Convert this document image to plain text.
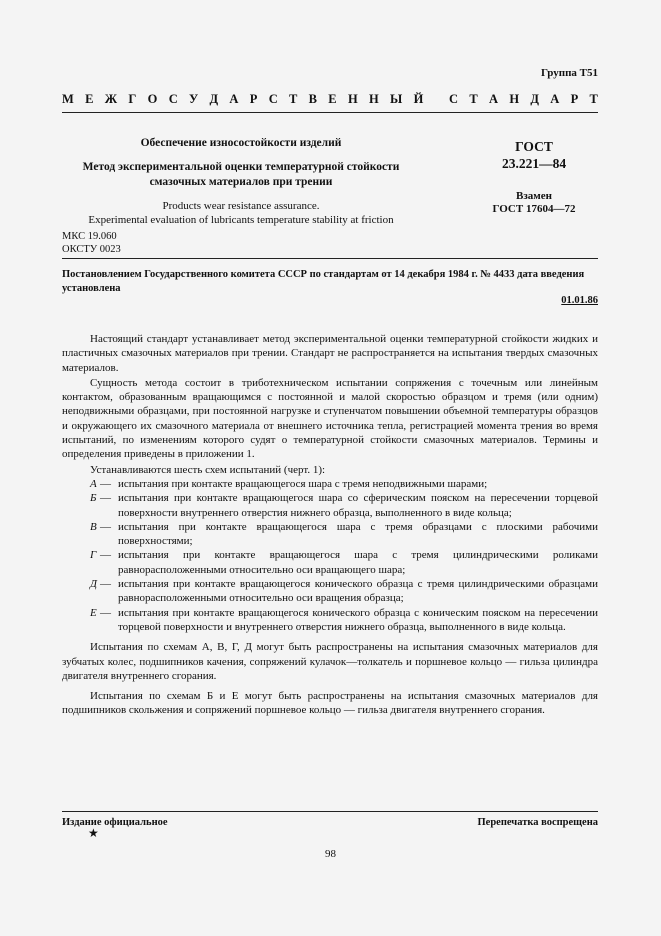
Группа Т51
М Е Ж Г О С У Д А Р С Т В Е Н Н Ы Й
С Т А Н Д А Р Т
Обеспечение износостойкости изделий
Метод экспериментальной оценки температурной стойкости
смазочных материалов при трении
Products wear resistance assurance.
Experimental evaluation of lubricants temperature stability at friction
ГОСТ
23.221—84
Взамен
ГОСТ 17604—72
МКС 19.060
ОКСТУ 0023
Постановлением Государственного комитета СССР по стандартам от 14 декабря 1984 г. № 4433 дата введения установлена
01.01.86

Настоящий стандарт устанавливает метод экспериментальной оценки температурной стойкости жидких и пластичных смазочных материалов при трении. Стандарт не распространяется на испытания твердых смазочных материалов.

Сущность метода состоит в триботехническом испытании сопряжения с точечным или линейным контактом, образованным вращающимся с постоянной и малой скоростью образцом и тремя (или одним) неподвижными образцами, при постоянной нагрузке и ступенчатом повышении объемной температуры образцов и окружающего их смазочного материала от внешнего источника тепла, регистрацией момента трения во время испытаний, по изменениям которого судят о температурной стойкости смазочных материалов. Термины и определения приведены в приложении 1.

Устанавливаются шесть схем испытаний (черт. 1):

А — испытания при контакте вращающегося шара с тремя неподвижными шарами;
Б — испытания при контакте вращающегося шара со сферическим пояском на пересечении торцевой поверхности внутреннего отверстия нижнего образца, выполненного в виде кольца;
В — испытания при контакте вращающегося шара с тремя образцами с плоскими рабочими поверхностями;
Г — испытания при контакте вращающегося шара с тремя цилиндрическими роликами равнорасположенными относительно оси вращающего шара;
Д — испытания при контакте вращающегося конического образца с тремя цилиндрическими образцами равнорасположенными относительно оси вращения образца;
Е — испытания при контакте вращающегося конического образца с коническим пояском на пересечении торцевой поверхности и внутреннего отверстия нижнего образца, выполненного в виде кольца.

Испытания по схемам А, В, Г, Д могут быть распространены на испытания смазочных материалов для зубчатых колес, подшипников качения, сопряжений кулачок—толкатель и поршневое кольцо — гильза цилиндра двигателя внутреннего сгорания.

Испытания по схемам Б и Е могут быть распространены на испытания смазочных материалов для подшипников скольжения и сопряжений поршневое кольцо — гильза двигателя внутреннего сгорания.

Издание официальное	Перепечатка воспрещена
★
98
